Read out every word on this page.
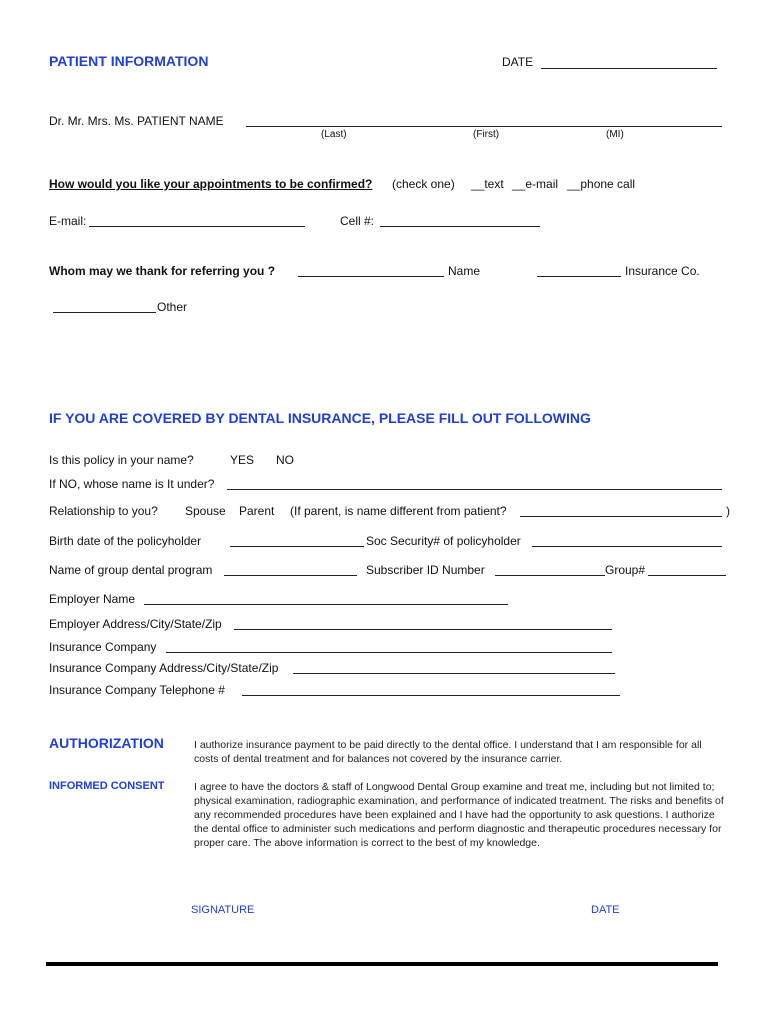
PATIENT INFORMATION	DATE
Dr. Mr. Mrs. Ms. PATIENT NAME
(Last)	(First)	(MI)
How would you like your appointments to be confirmed? (check one) __text __e-mail __phone call
E-mail:	Cell #:
Whom may we thank for referring you ?	Name	Insurance Co.
Other
IF YOU ARE COVERED BY DENTAL INSURANCE, PLEASE FILL OUT FOLLOWING
Is this policy in your name?	YES NO
If NO, whose name is It under?
Relationship to you? Spouse Parent (If parent, is name different from patient?	)
Birth date of the policyholder	Soc Security# of policyholder
Name of group dental program	Subscriber ID Number	Group#
Employer Name
Employer Address/City/State/Zip
Insurance Company
Insurance Company Address/City/State/Zip
Insurance Company Telephone #
AUTHORIZATION	I authorize insurance payment to be paid directly to the dental office. I understand that I am responsible for all costs of dental treatment and for balances not covered by the insurance carrier.
INFORMED CONSENT	I agree to have the doctors & staff of Longwood Dental Group examine and treat me, including but not limited to; physical examination, radiographic examination, and performance of indicated treatment. The risks and benefits of any recommended procedures have been explained and I have had the opportunity to ask questions. I authorize the dental office to administer such medications and perform diagnostic and therapeutic procedures necessary for proper care. The above information is correct to the best of my knowledge.
SIGNATURE	DATE
